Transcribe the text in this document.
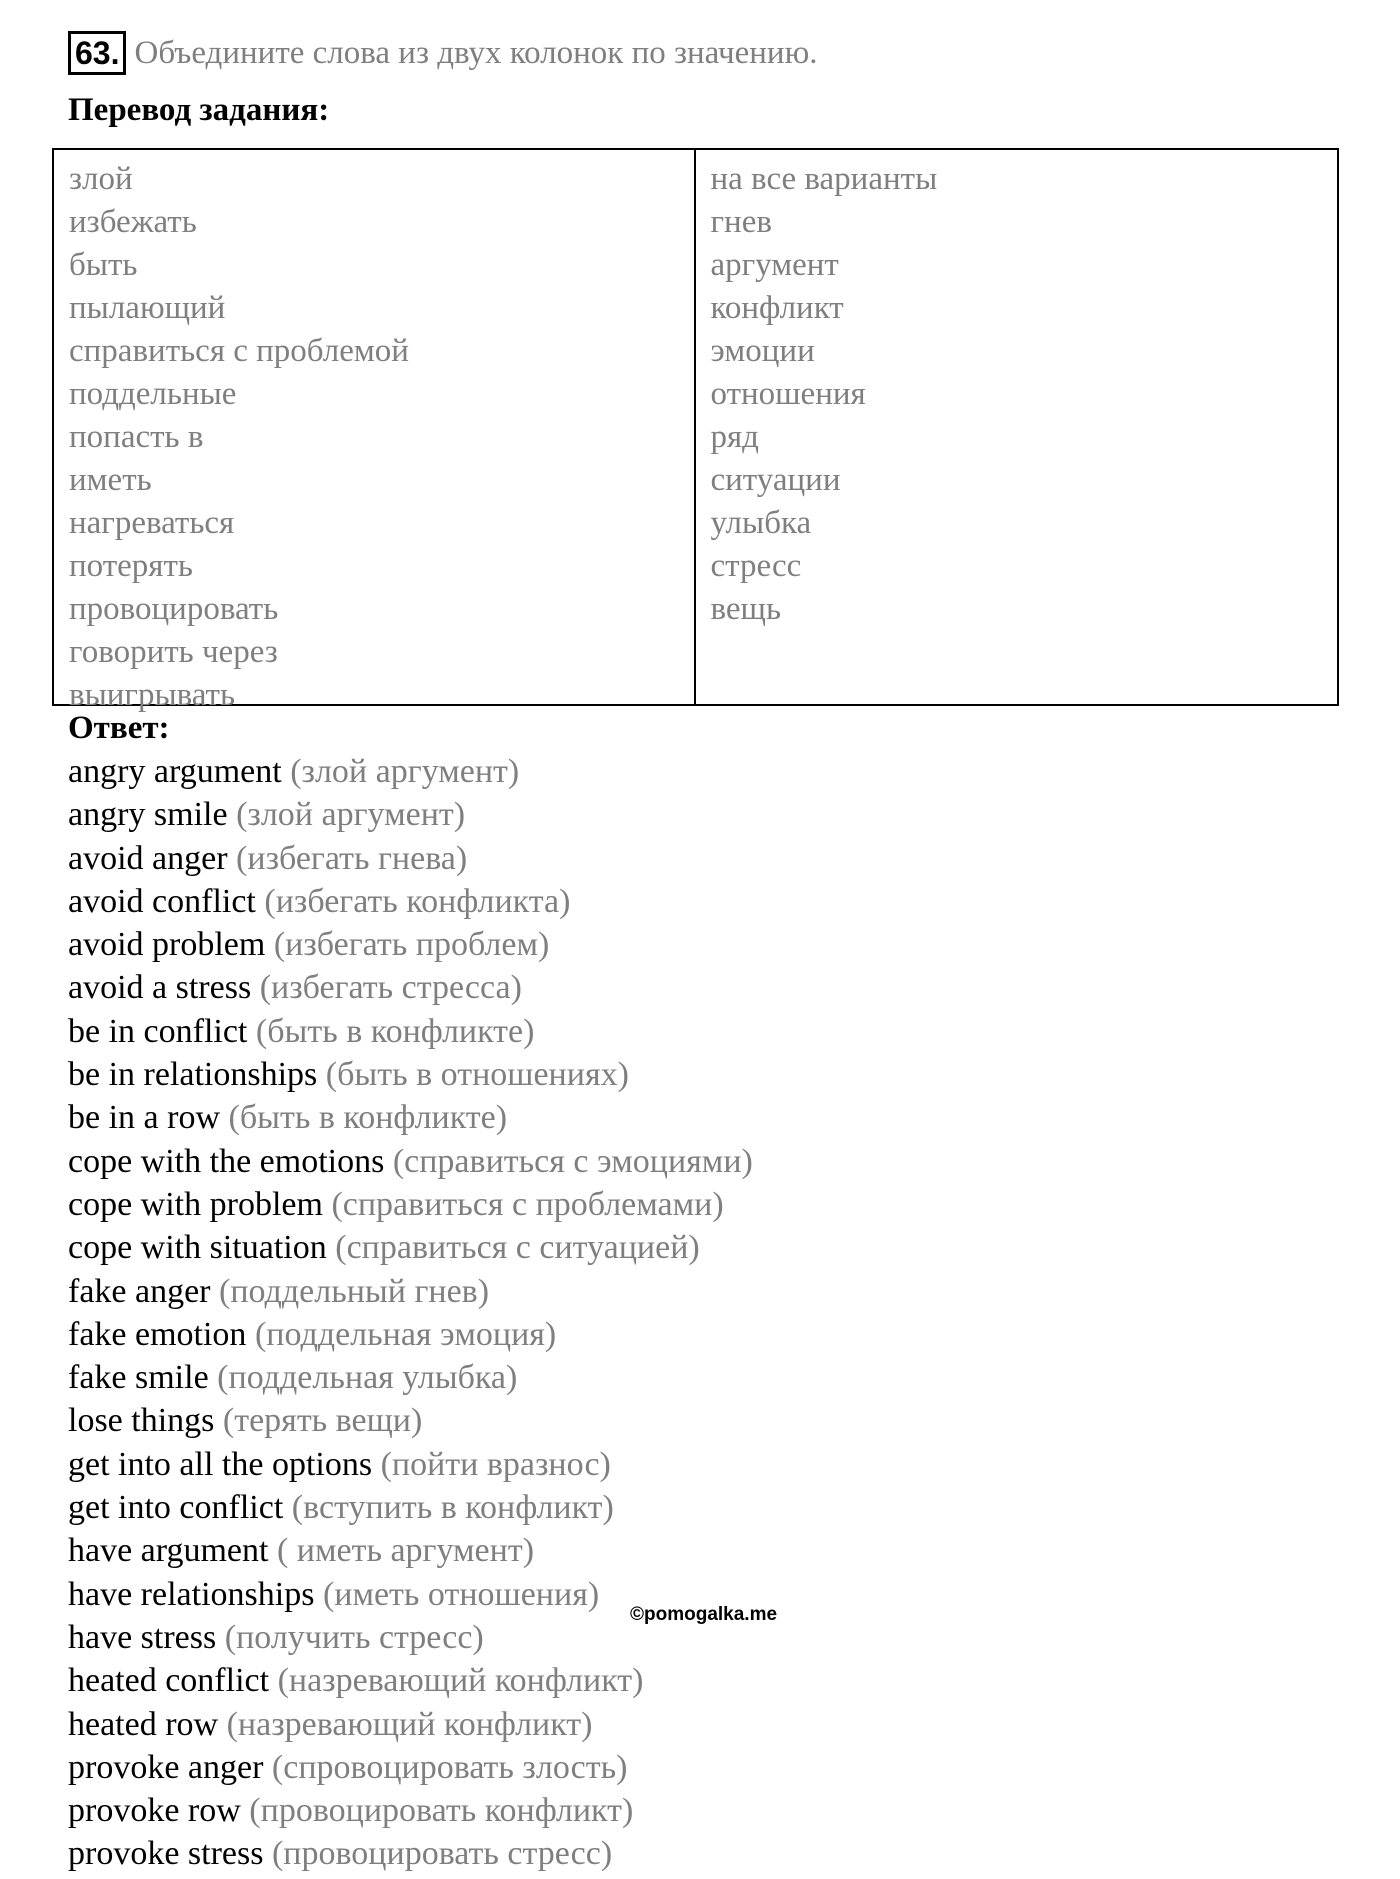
63. Объедините слова из двух колонок по значению.
Перевод задания:
злой
избежать
быть
пылающий
справиться с проблемой
поддельные
попасть в
иметь
нагреваться
потерять
провоцировать
говорить через
выигрывать
на все варианты
гнев
аргумент
конфликт
эмоции
отношения
ряд
ситуации
улыбка
стресс
вещь
Ответ:
angry argument (злой аргумент)
angry smile (злой аргумент)
avoid anger (избегать гнева)
avoid conflict (избегать конфликта)
avoid problem (избегать проблем)
avoid a stress (избегать стресса)
be in conflict (быть в конфликте)
be in relationships (быть в отношениях)
be in a row (быть в конфликте)
cope with the emotions (справиться с эмоциями)
cope with problem (справиться с проблемами)
cope with situation (справиться с ситуацией)
fake anger (поддельный гнев)
fake emotion (поддельная эмоция)
fake smile (поддельная улыбка)
lose things (терять вещи)
get into all the options (пойти вразнос)
get into conflict (вступить в конфликт)
have argument ( иметь аргумент)
have relationships (иметь отношения)
have stress (получить стресс)
heated conflict (назревающий конфликт)
heated row (назревающий конфликт)
provoke anger (спровоцировать злость)
provoke row (провоцировать конфликт)
provoke stress (провоцировать стресс)
©pomogalka.me
